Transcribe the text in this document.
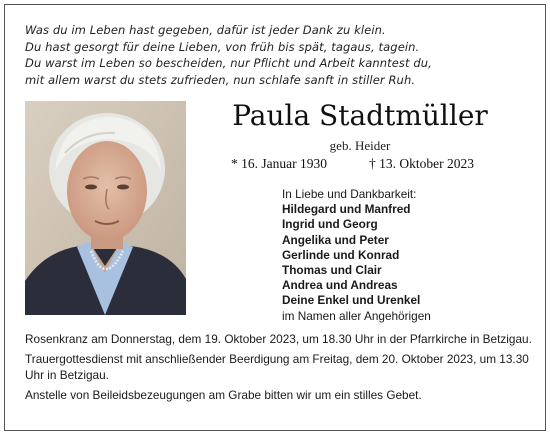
Was du im Leben hast gegeben, dafür ist jeder Dank zu klein.
Du hast gesorgt für deine Lieben, von früh bis spät, tagaus, tagein.
Du warst im Leben so bescheiden, nur Pflicht und Arbeit kanntest du,
mit allem warst du stets zufrieden, nun schlafe sanft in stiller Ruh.
Paula Stadtmüller
geb. Heider
* 16. Januar 1930	† 13. Oktober 2023
In Liebe und Dankbarkeit:
Hildegard und Manfred
Ingrid und Georg
Angelika und Peter
Gerlinde und Konrad
Thomas und Clair
Andrea und Andreas
Deine Enkel und Urenkel
im Namen aller Angehörigen

Rosenkranz am Donnerstag, dem 19. Oktober 2023, um 18.30 Uhr in der Pfarrkirche in Betzigau.

Trauergottesdienst mit anschließender Beerdigung am Freitag, dem 20. Oktober 2023, um 13.30 Uhr in Betzigau.

Anstelle von Beileidsbezeugungen am Grabe bitten wir um ein stilles Gebet.
